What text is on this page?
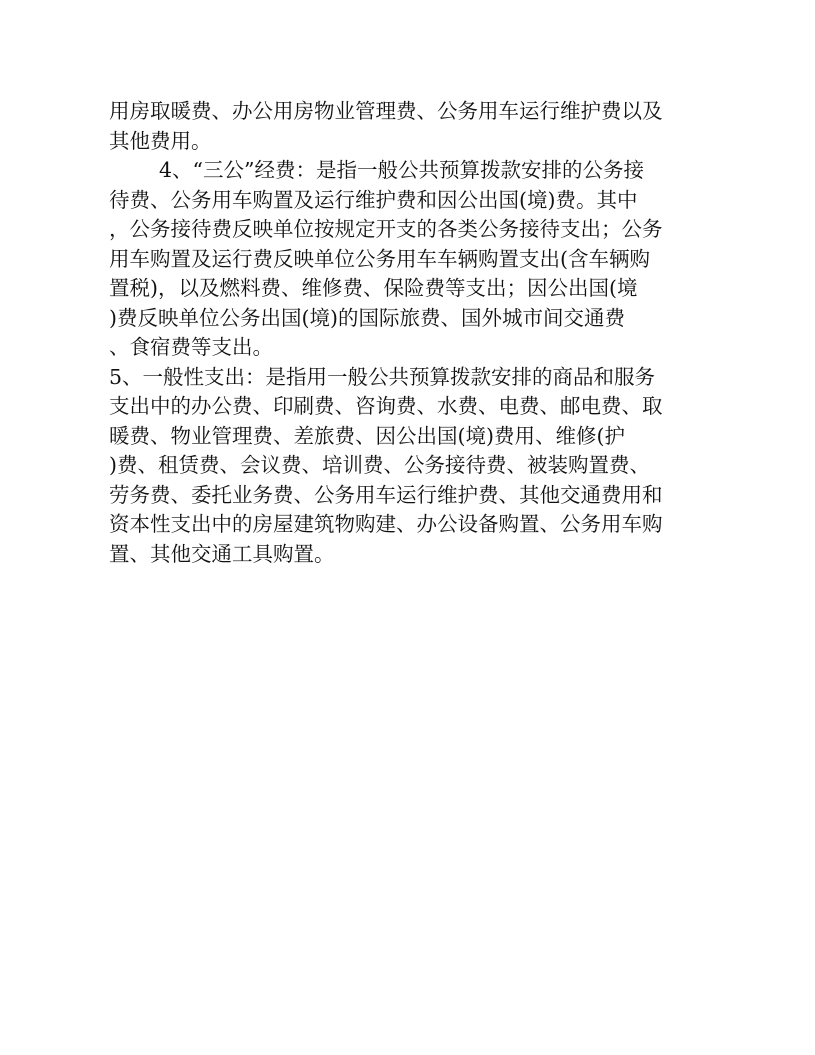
用房取暖费、办公用房物业管理费、公务用车运行维护费以及
其他费用。
4、“三公”经费：是指一般公共预算拨款安排的公务接
待费、公务用车购置及运行维护费和因公出国(境)费。其中
，公务接待费反映单位按规定开支的各类公务接待支出；公务
用车购置及运行费反映单位公务用车车辆购置支出(含车辆购
置税)，以及燃料费、维修费、保险费等支出；因公出国(境
)费反映单位公务出国(境)的国际旅费、国外城市间交通费
、食宿费等支出。
5、一般性支出：是指用一般公共预算拨款安排的商品和服务
支出中的办公费、印刷费、咨询费、水费、电费、邮电费、取
暖费、物业管理费、差旅费、因公出国(境)费用、维修(护
)费、租赁费、会议费、培训费、公务接待费、被装购置费、
劳务费、委托业务费、公务用车运行维护费、其他交通费用和
资本性支出中的房屋建筑物购建、办公设备购置、公务用车购
置、其他交通工具购置。
